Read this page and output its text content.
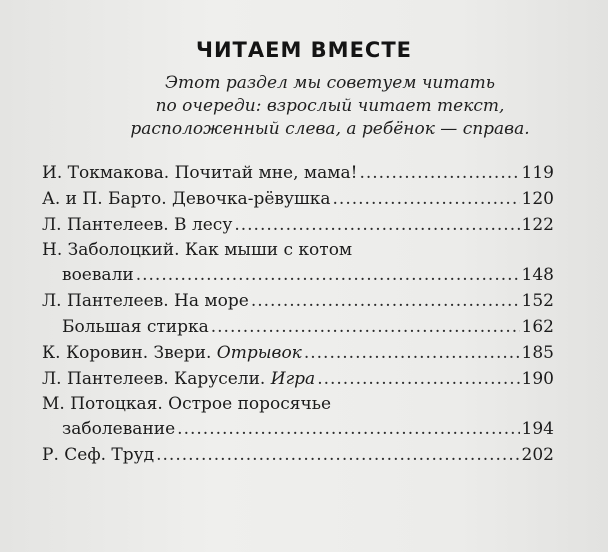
ЧИТАЕМ ВМЕСТЕ
Этот раздел мы советуем читать
по очереди: взрослый читает текст,
расположенный слева, а ребёнок — справа.
И. Токмакова. Почитай мне, мама! .....	119
А. и П. Барто. Девочка-рёвушка .....	120
Л. Пантелеев. В лесу .....	122
Н. Заболоцкий. Как мыши с котом
воевали .....	148
Л. Пантелеев. На море .....	152
Большая стирка .....	162
К. Коровин. Звери. Отрывок .....	185
Л. Пантелеев. Карусели. Игра .....	190
М. Потоцкая. Острое поросячье
заболевание .....	194
Р. Сеф. Труд .....	202
